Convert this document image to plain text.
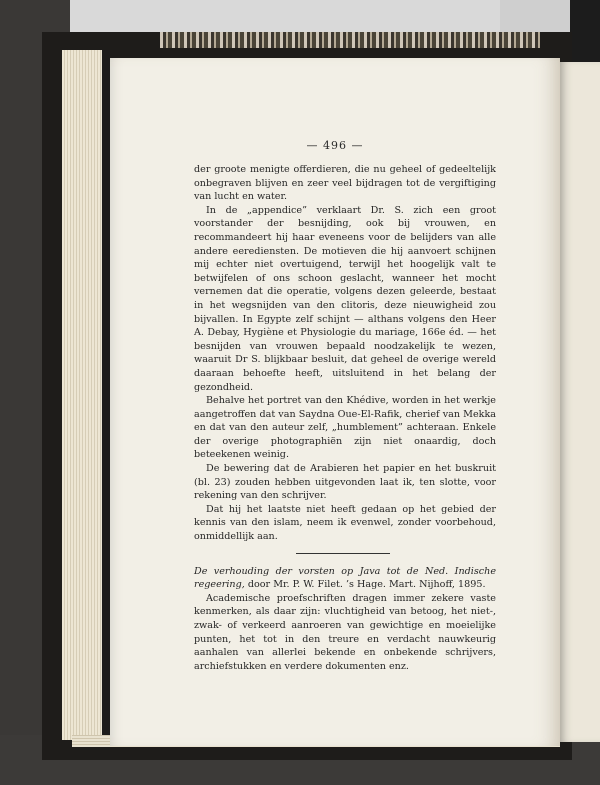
— 496 —

der groote menigte offerdieren, die nu geheel of gedeeltelijk onbegraven blijven en zeer veel bijdragen tot de vergiftiging van lucht en water.

In de „appendice” verklaart Dr. S. zich een groot voorstander der besnijding, ook bij vrouwen, en recommandeert hij haar eveneens voor de belijders van alle andere eerediensten. De motieven die hij aanvoert schijnen mij echter niet overtuigend, terwijl het hoogelijk valt te betwijfelen of ons schoon geslacht, wanneer het mocht vernemen dat die operatie, volgens dezen geleerde, bestaat in het wegsnijden van den clitoris, deze nieuwigheid zou bijvallen. In Egypte zelf schijnt — althans volgens den Heer A. Debay, Hygiène et Physiologie du mariage, 166e éd. — het besnijden van vrouwen bepaald noodzakelijk te wezen, waaruit Dr S. blijkbaar besluit, dat geheel de overige wereld daaraan behoefte heeft, uitsluitend in het belang der gezondheid.

Behalve het portret van den Khédive, worden in het werkje aangetroffen dat van Saydna Oue-El-Rafik, cherief van Mekka en dat van den auteur zelf, „humblement” achteraan. Enkele der overige photographiën zijn niet onaardig, doch beteekenen weinig.

De bewering dat de Arabieren het papier en het buskruit (bl. 23) zouden hebben uitgevonden laat ik, ten slotte, voor rekening van den schrijver.

Dat hij het laatste niet heeft gedaan op het gebied der kennis van den islam, neem ik evenwel, zonder voorbehoud, onmiddellijk aan.

De verhouding der vorsten op Java tot de Ned. Indische regeering, door Mr. P. W. Filet. ’s Hage. Mart. Nijhoff, 1895.

Academische proefschriften dragen immer zekere vaste kenmerken, als daar zijn: vluchtigheid van betoog, het niet-, zwak- of verkeerd aanroeren van gewichtige en moeielijke punten, het tot in den treure en verdacht nauwkeurig aanhalen van allerlei bekende en onbekende schrijvers, archiefstukken en verdere dokumenten enz.
